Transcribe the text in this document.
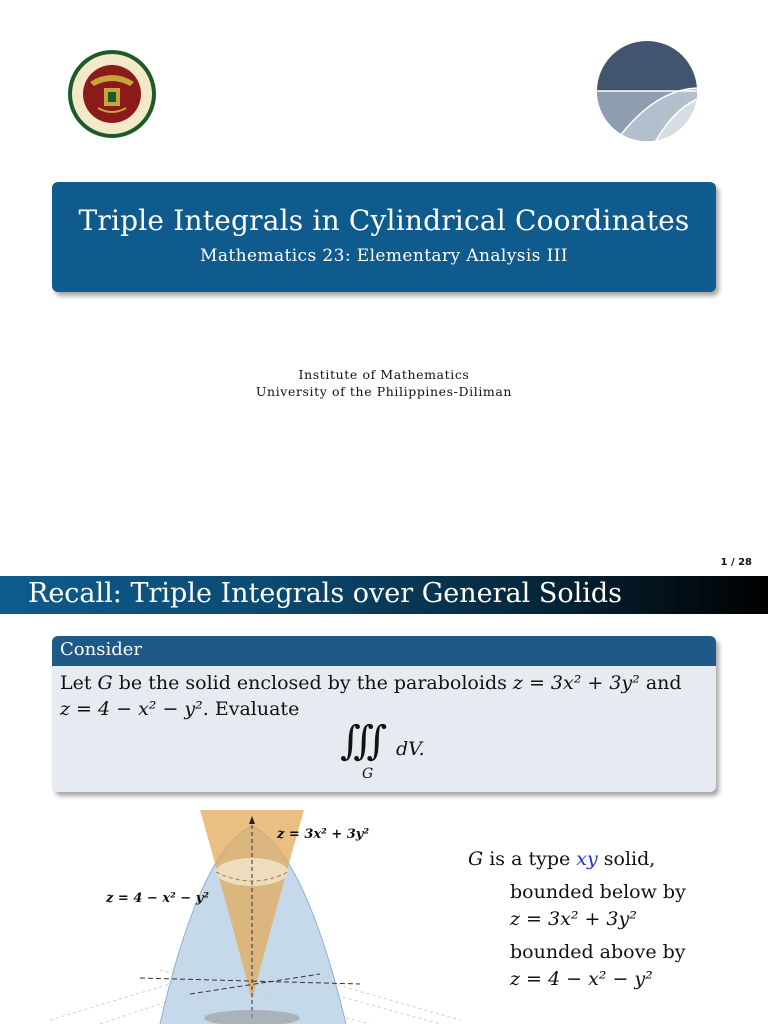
Triple Integrals in Cylindrical Coordinates
Mathematics 23: Elementary Analysis III
Institute of Mathematics
University of the Philippines-Diliman
1 / 28
Recall: Triple Integrals over General Solids
Consider
Let G be the solid enclosed by the paraboloids z = 3x² + 3y² and
z = 4 − x² − y². Evaluate
∭ dV.
G
z = 3x² + 3y²
z = 4 − x² − y²
G is a type xy solid,
bounded below by
z = 3x² + 3y²
bounded above by
z = 4 − x² − y²
